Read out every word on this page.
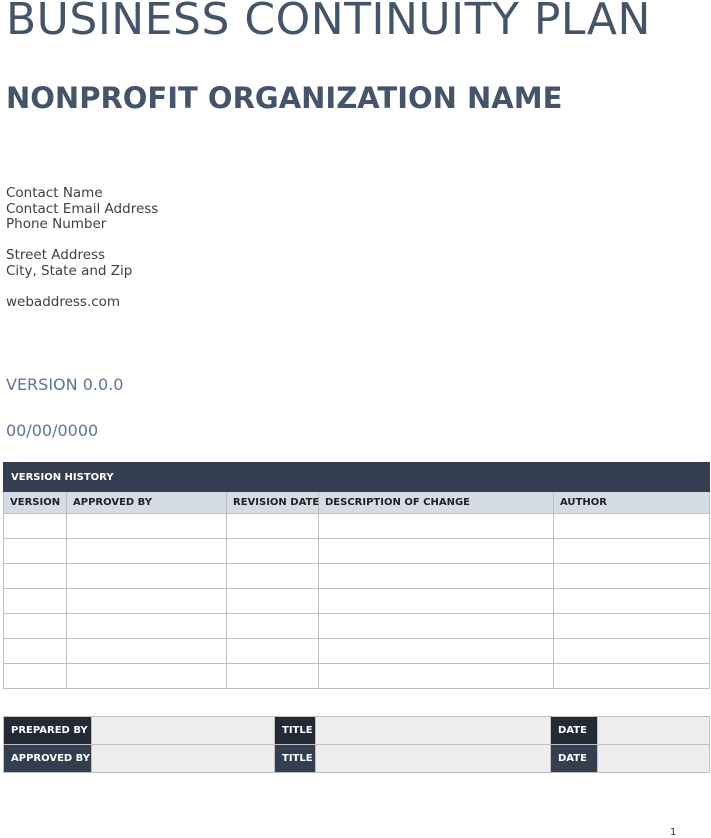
BUSINESS CONTINUITY PLAN
NONPROFIT ORGANIZATION NAME
Contact Name
Contact Email Address
Phone Number
Street Address
City, State and Zip
webaddress.com
VERSION 0.0.0
00/00/0000
VERSION HISTORY				
VERSION	APPROVED BY	REVISION DATE	DESCRIPTION OF CHANGE	AUTHOR

PREPARED BY		TITLE		DATE	
APPROVED BY		TITLE		DATE	
1
